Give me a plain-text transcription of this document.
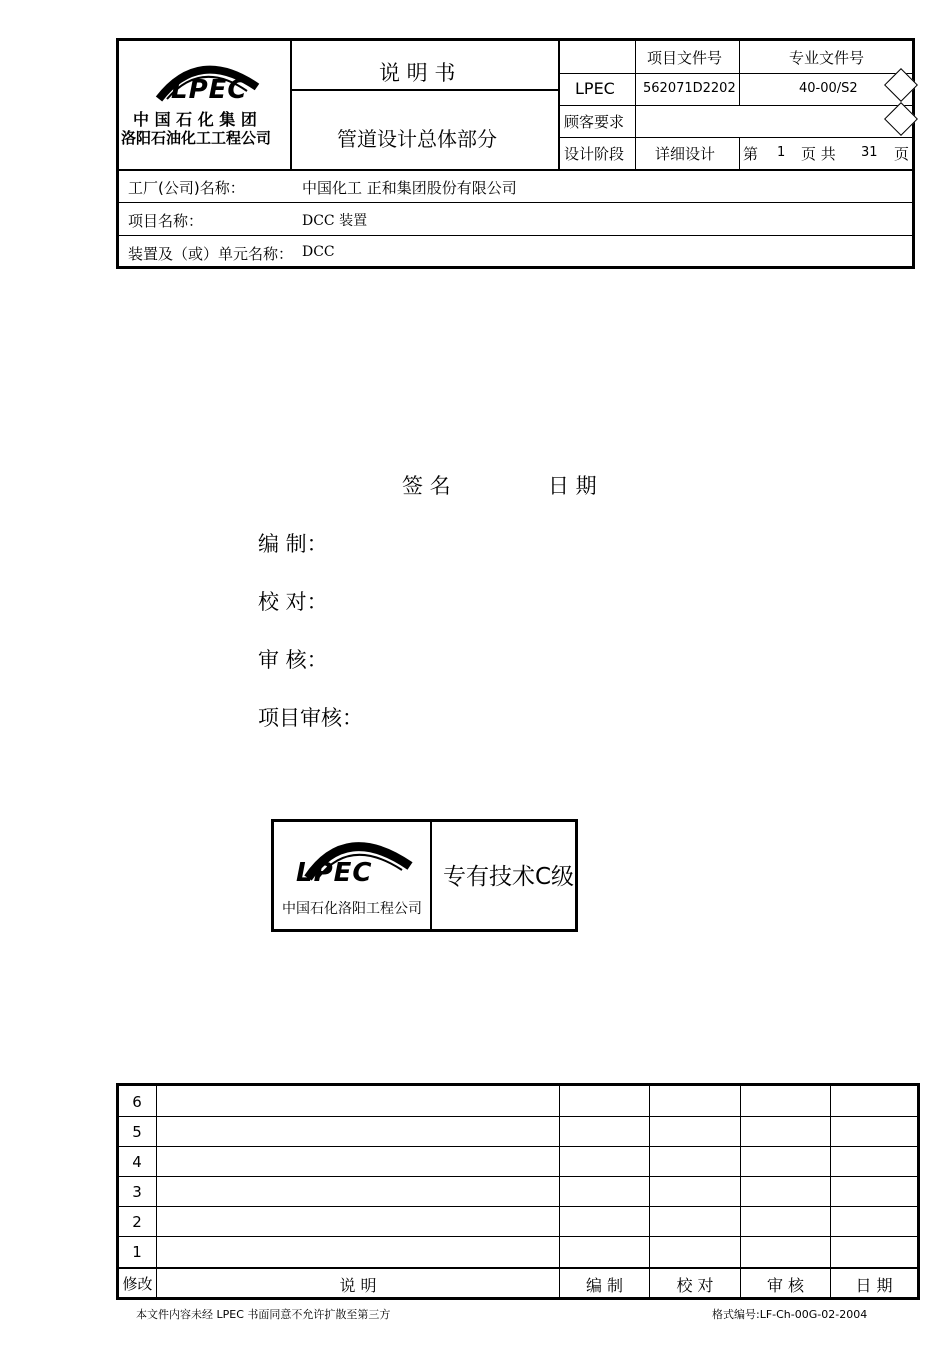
LPEC
中 国 石 化 集 团
洛阳石油化工工程公司
说 明 书
管道设计总体部分
项目文件号	专业文件号
LPEC 562071D2202	40-00/S2
顾客要求
设计阶段 详细设计 第 1 页 共 31 页
工厂(公司)名称：	中国化工 正和集团股份有限公司
项目名称：	DCC 装置
装置及（或）单元名称： DCC
签 名	日 期
编 制：
校 对：
审 核：
项目审核：
LPEC
中国石化洛阳工程公司
专有技术C级
6
5
4
3
2
1
修改	说 明	编 制	校 对	审 核	日 期
本文件内容未经 LPEC 书面同意不允许扩散至第三方	格式编号:LF-Ch-00G-02-2004
